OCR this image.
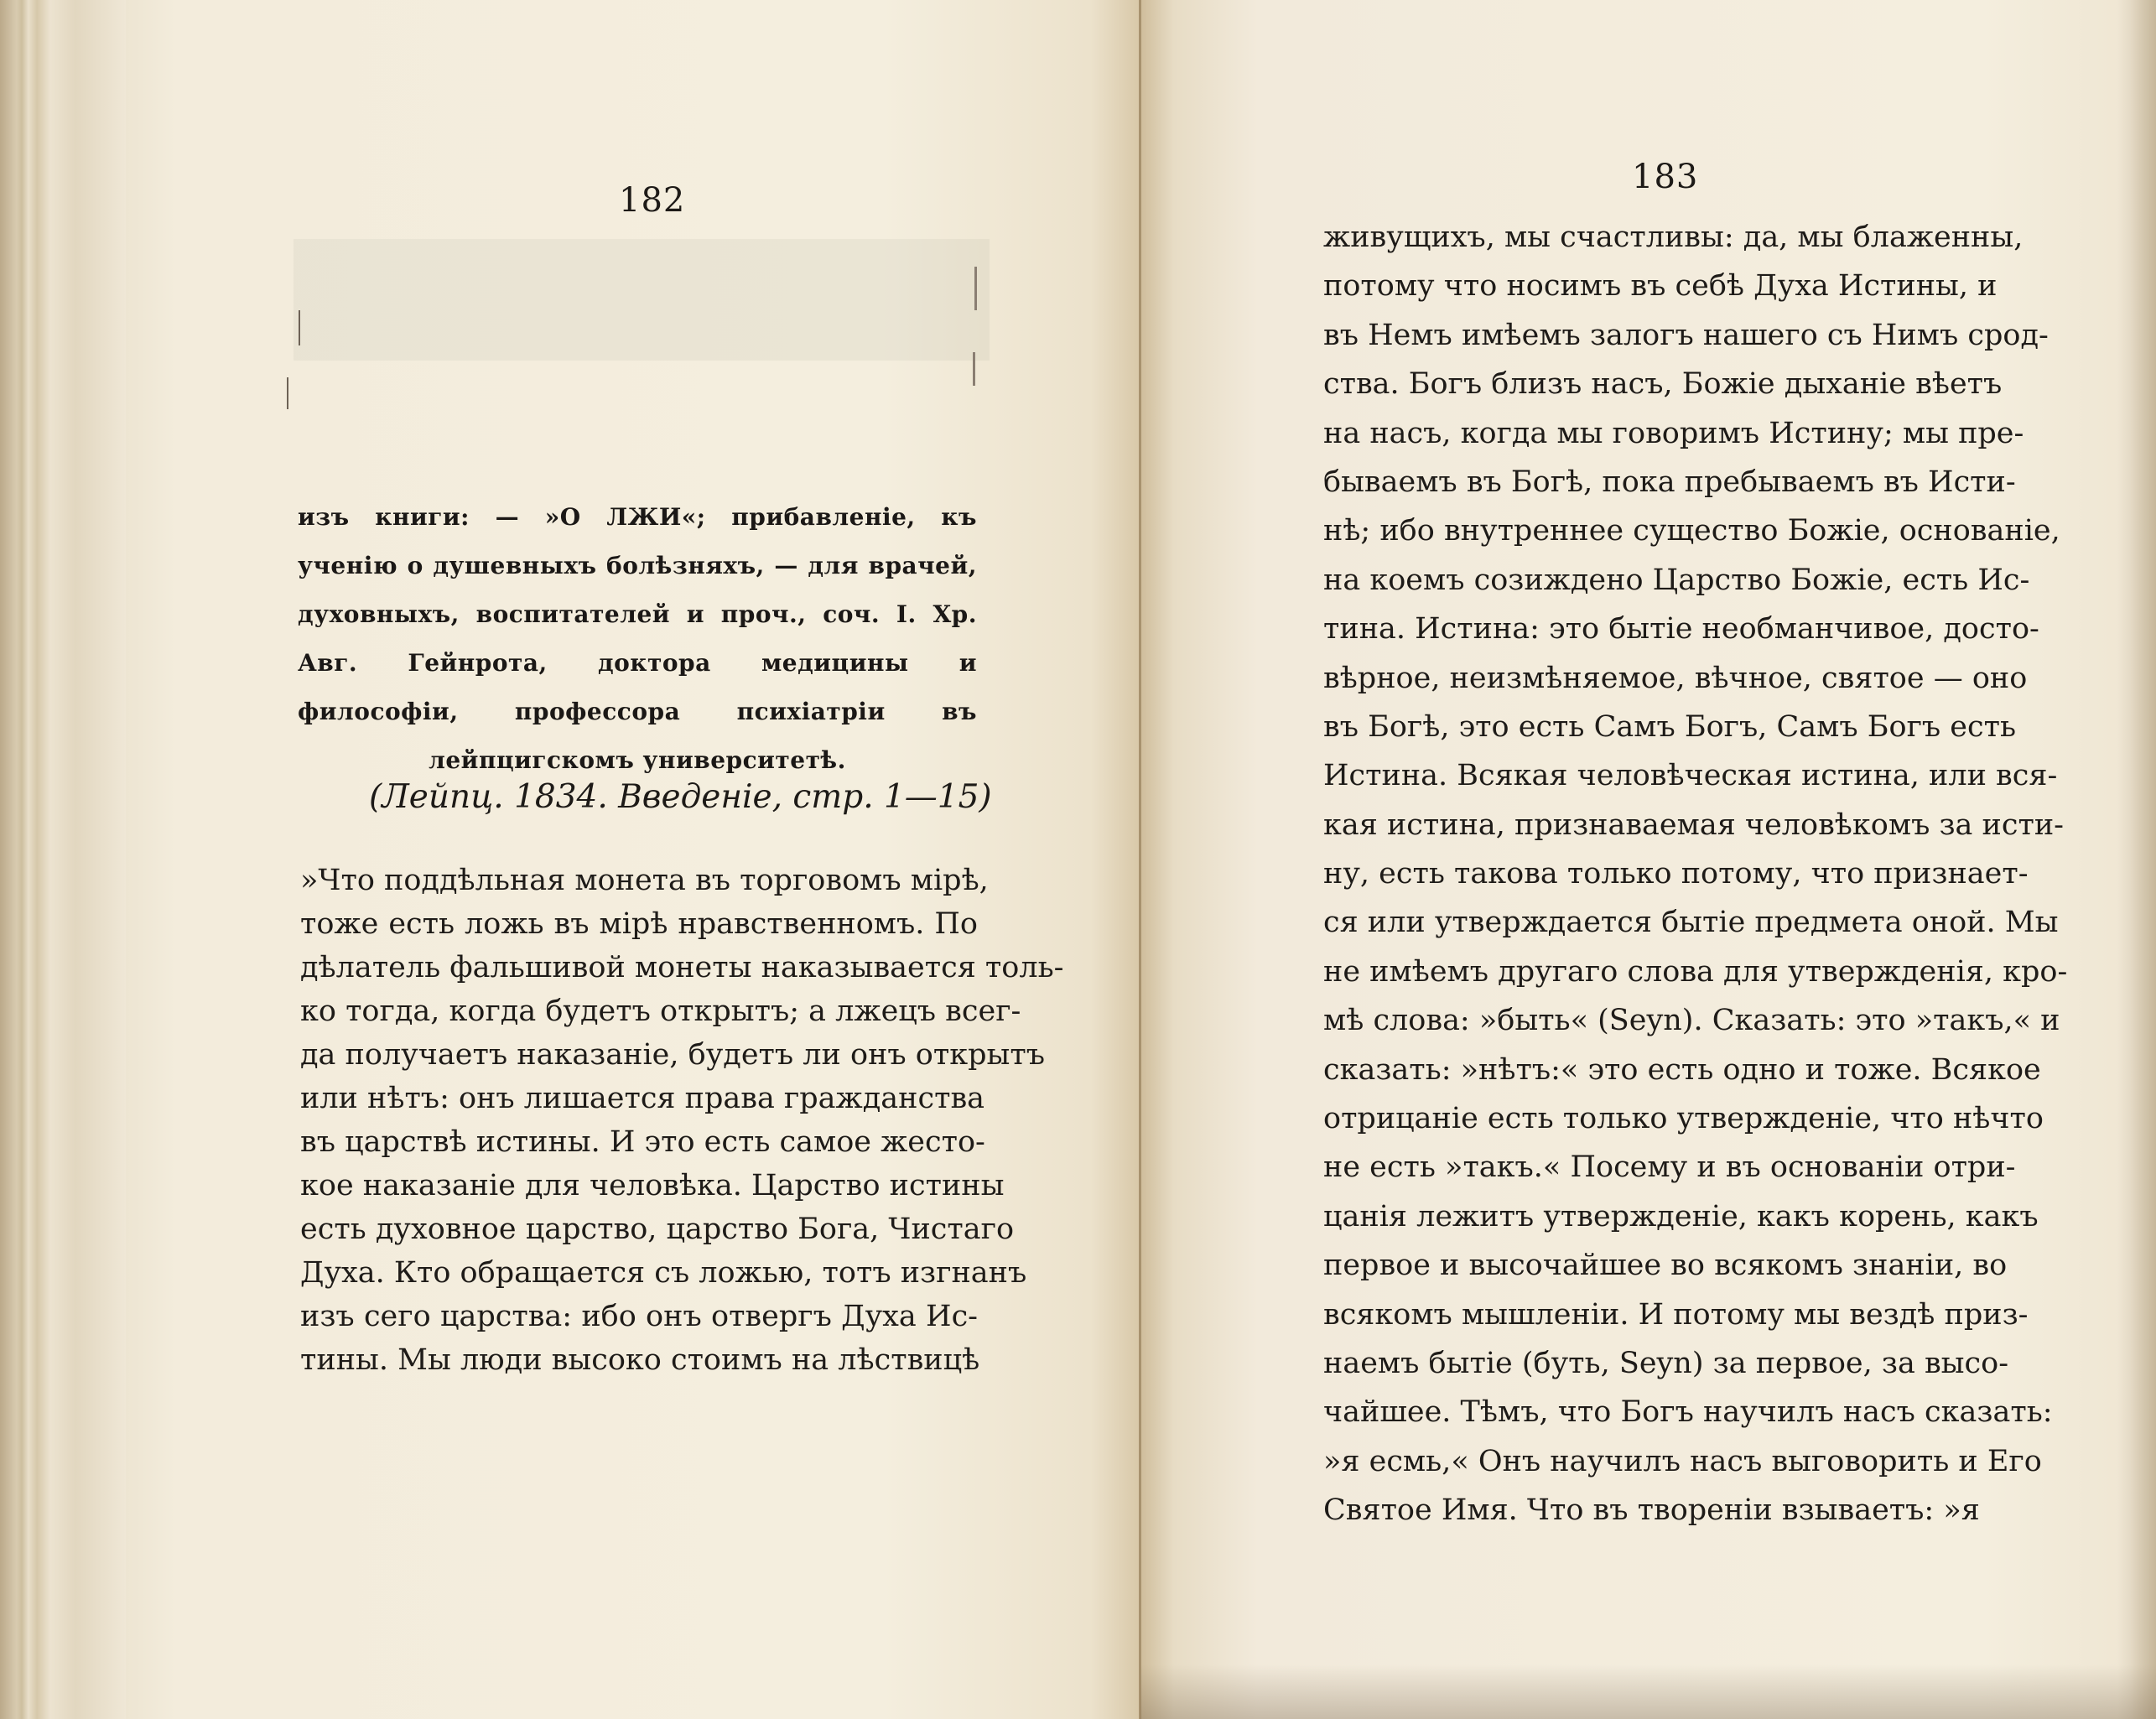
182
изъ книги: — »О ЛЖИ«; прибавленіе, къ ученію о душевныхъ болѣзняхъ, — для врачей, духовныхъ, воспитателей и проч., соч. І. Хр. Авг. Гейнрота, доктора медицины и философіи, профессора психіатріи въ лейпцигскомъ университетѣ.
(Лейпц. 1834. Введеніе, стр. 1—15)
»Что поддѣльная монета въ торговомъ мірѣ,
тоже есть ложь въ мірѣ нравственномъ. По
дѣлатель фальшивой монеты наказывается толь-
ко тогда, когда будетъ открытъ; а лжецъ всег-
да получаетъ наказаніе, будетъ ли онъ открытъ
или нѣтъ: онъ лишается права гражданства
въ царствѣ истины. И это есть самое жесто-
кое наказаніе для человѣка. Царство истины
есть духовное царство, царство Бога, Чистаго
Духа. Кто обращается съ ложью, тотъ изгнанъ
изъ сего царства: ибо онъ отвергъ Духа Ис-
тины. Мы люди высоко стоимъ на лѣствицѣ
183
живущихъ, мы счастливы: да, мы блаженны,
потому что носимъ въ себѣ Духа Истины, и
въ Немъ имѣемъ залогъ нашего съ Нимъ срод-
ства. Богъ близъ насъ, Божіе дыханіе вѣетъ
на насъ, когда мы говоримъ Истину; мы пре-
бываемъ въ Богѣ, пока пребываемъ въ Исти-
нѣ; ибо внутреннее существо Божіе, основаніе,
на коемъ созиждено Царство Божіе, есть Ис-
тина. Истина: это бытіе необманчивое, досто-
вѣрное, неизмѣняемое, вѣчное, святое — оно
въ Богѣ, это есть Самъ Богъ, Самъ Богъ есть
Истина. Всякая человѣческая истина, или вся-
кая истина, признаваемая человѣкомъ за исти-
ну, есть такова только потому, что признает-
ся или утверждается бытіе предмета оной. Мы
не имѣемъ другаго слова для утвержденія, кро-
мѣ слова: »быть« (Seyn). Сказать: это »такъ,« и
сказать: »нѣтъ:« это есть одно и тоже. Всякое
отрицаніе есть только утвержденіе, что нѣчто
не есть »такъ.« Посему и въ основаніи отри-
цанія лежитъ утвержденіе, какъ корень, какъ
первое и высочайшее во всякомъ знаніи, во
всякомъ мышленіи. И потому мы вездѣ приз-
наемъ бытіе (буть, Seyn) за первое, за высо-
чайшее. Тѣмъ, что Богъ научилъ насъ сказать:
»я есмь,« Онъ научилъ насъ выговорить и Его
Святое Имя. Что въ твореніи взываетъ: »я
